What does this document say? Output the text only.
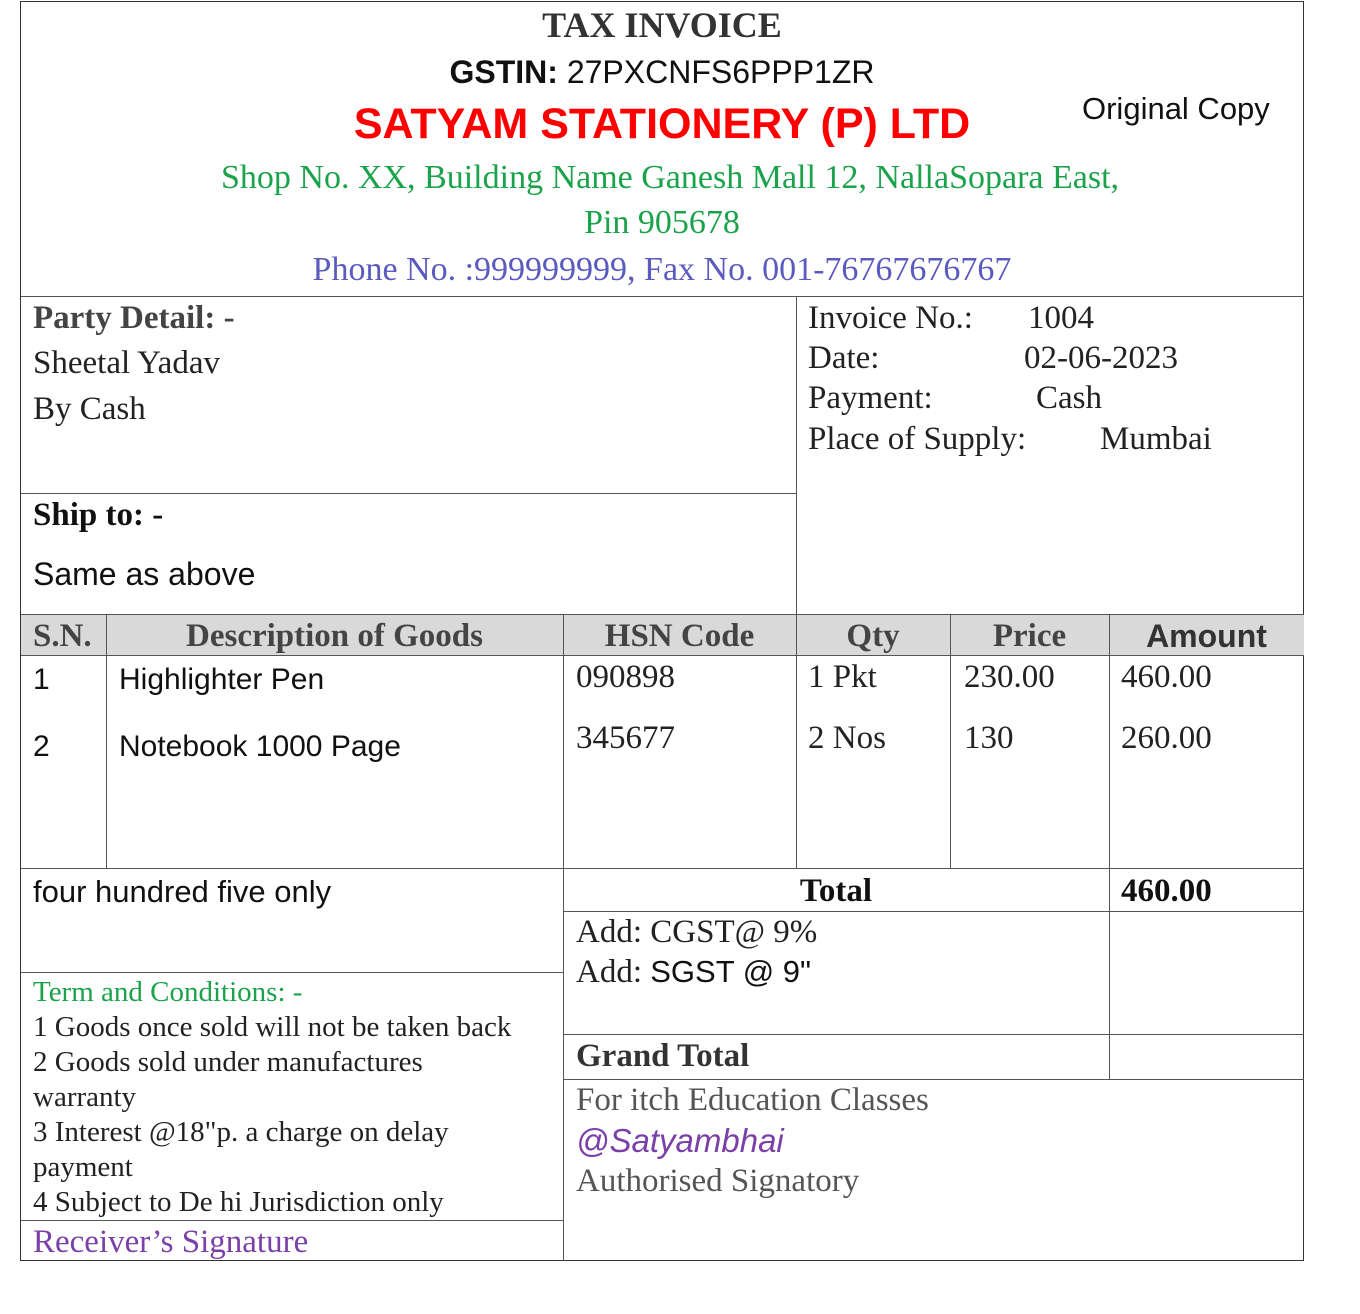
TAX INVOICE
GSTIN: 27PXCNFS6PPP1ZR
SATYAM STATIONERY (P) LTD	Original Copy
Shop No. XX, Building Name Ganesh Mall 12, NallaSopara East,
Pin 905678
Phone No. :999999999, Fax No. 001-76767676767
Party Detail: -
Sheetal Yadav
By Cash
Ship to: -
Same as above
Invoice No.: 1004
Date:	02-06-2023
Payment:	Cash
Place of Supply: Mumbai
S.N.	Description of Goods	HSN Code	Qty	Price	Amount
1 Highlighter Pen	090898	1 Pkt	230.00 460.00
2 Notebook 1000 Page	345677	2 Nos 130	260.00
four hundred five only	Total	460.00
Add: CGST@ 9%
Add: SGST @ 9"
Grand Total
Term and Conditions: -
1 Goods once sold will not be taken back
2 Goods sold under manufactures
warranty
3 Interest @18"p. a charge on delay
payment
4 Subject to De hi Jurisdiction only
For itch Education Classes
@Satyambhai
Authorised Signatory
Receiver’s Signature
